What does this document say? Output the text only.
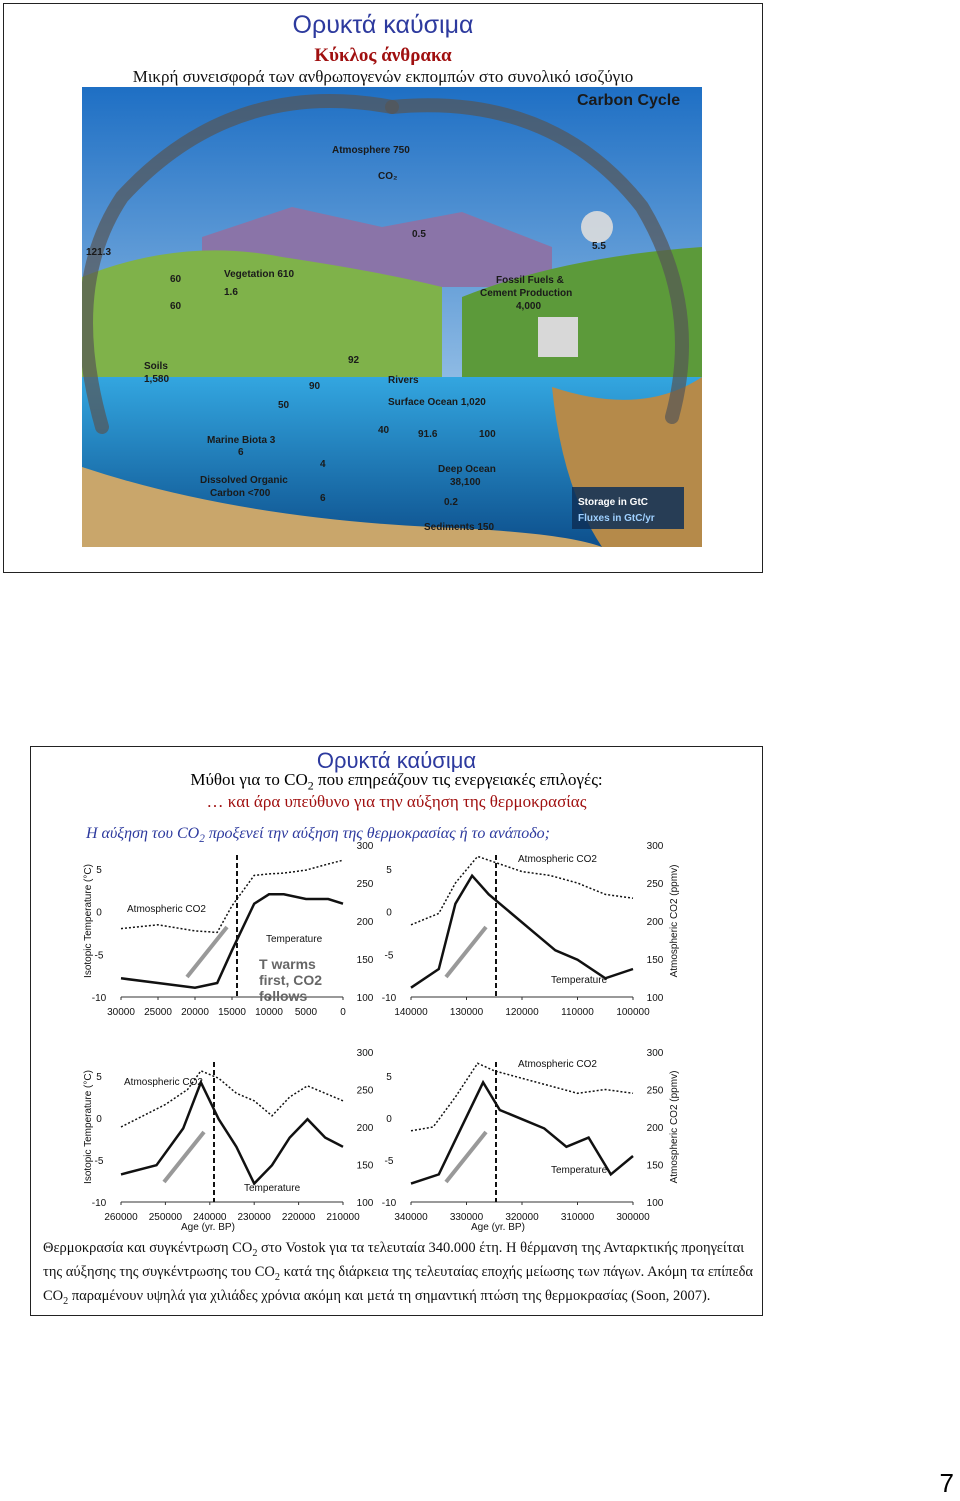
Ορυκτά καύσιμα
Κύκλος άνθρακα
Μικρή συνεισφορά των ανθρωπογενών εκπομπών στο συνολικό ισοζύγιο
Carbon Cycle
Atmosphere 750
CO₂
Vegetation 610
Soils
1,580
Fossil Fuels &
Cement Production
4,000
Rivers
Surface Ocean 1,020
Marine Biota 3
Dissolved Organic
Carbon <700
Deep Ocean
38,100
Sediments 150
Storage in GtC
Fluxes in GtC/yr
121.3
60
60
1.6
0.5
5.5
92
90
50
40	91.6	100
6
4
6	0.2
Ορυκτά καύσιμα
Μύθοι για το $CO_2$ που επηρεάζουν τις ενεργειακές επιλογές:
… και άρα υπεύθυνο για την αύξηση της θερμοκρασίας
Η αύξηση του $CO_2$ προξενεί την αύξηση της θερμοκρασίας ή το ανάποδο;
30000 25000 20000 15000 10000 5000 0
5
0
-5
-10
300
250
200
150
100
Atmospheric CO2
Temperature
Isotopic Temperature (°C)	T warms
first, CO2
follows
140000 130000 120000 110000 100000
5
0
-5
-10
300
250
200
150
100
Atmospheric CO2
Temperature
Atmospheric CO2 (ppmv)
260000 250000 240000 230000 220000 210000
5
0
-5
-10
300
250
200
150
100
Atmospheric CO2
Temperature
Isotopic Temperature (°C)
Age (yr. BP)
340000 330000 320000 310000 300000
5
0
-5
-10
300
250
200
150
100
Atmospheric CO2
Temperature	Atmospheric CO2 (ppmv)
Age (yr. BP)
Θερμοκρασία και συγκέντρωση $CO_2$ στο Vostok για τα τελευταία 340.000 έτη. Η θέρμανση της Ανταρκτικής προηγείται της αύξησης της συγκέντρωσης του $CO_2$ κατά της διάρκεια της τελευταίας εποχής μείωσης των πάγων. Ακόμη τα επίπεδα $CO_2$ παραμένουν υψηλά για χιλιάδες χρόνια ακόμη και μετά τη σημαντική πτώση της θερμοκρασίας (Soon, 2007).
7
